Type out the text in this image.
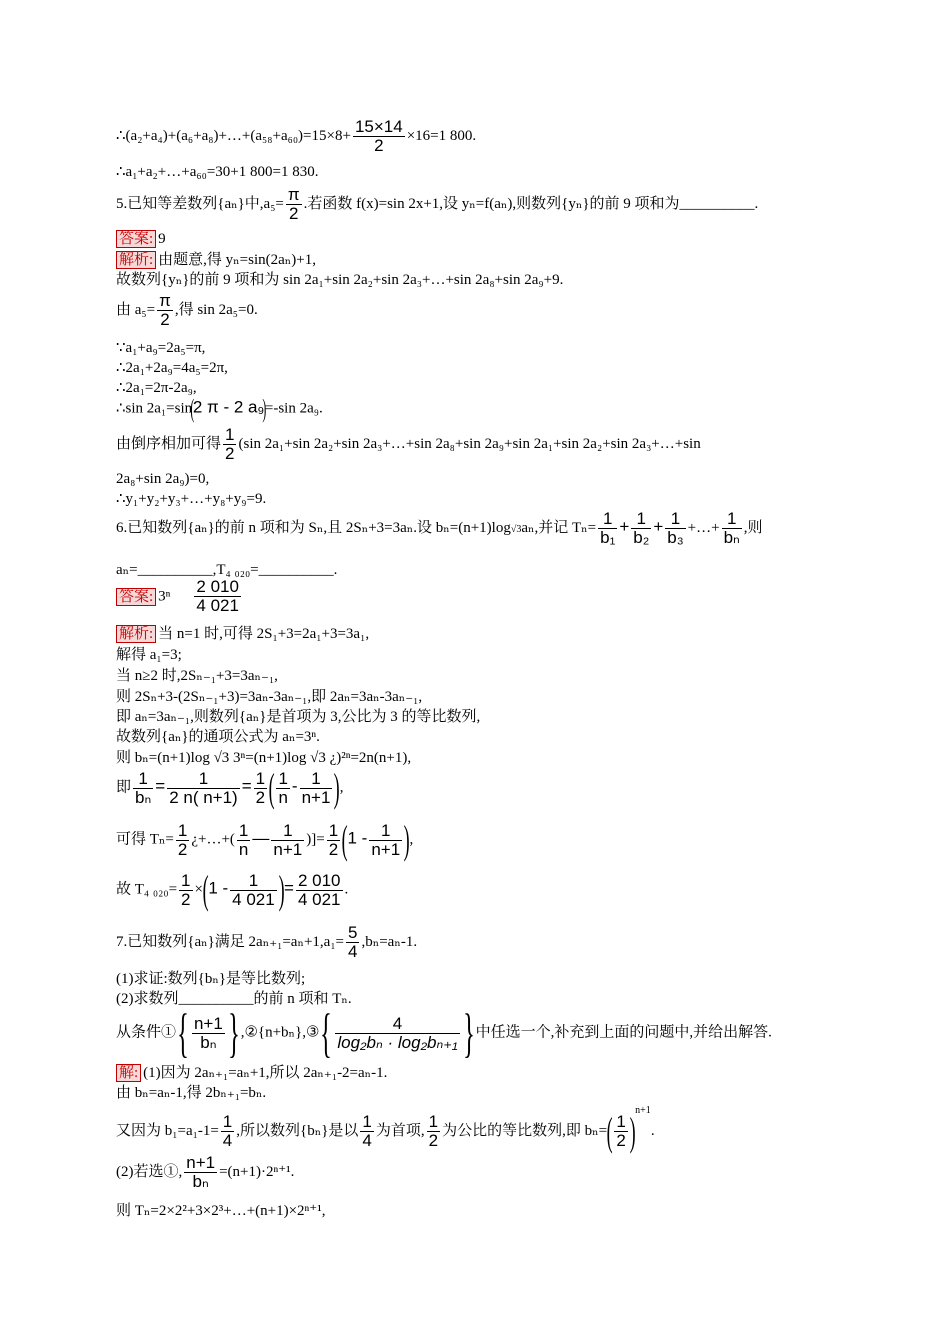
∴(a₂+a₄)+(a₆+a₈)+…+(a₅₈+a₆₀)=15×8+ $\frac{15\times 14}{2} \times 16=1$ 800.
∴a₁+a₂+…+a₆₀=30+1 800=1 830.
5.已知等差数列{aₙ}中$,a_5= \frac{\pi}{2}$ .若函数 f(x)=sin 2x+1,设 yₙ=f(aₙ),则数列{yₙ}的前 9 项和为__________.
答案: 9
解析: 由题意,得 yₙ=sin(2aₙ)+1,
故数列{yₙ}的前 9 项和为 sin 2a₁+sin 2a₂+sin 2a₃+…+sin 2a₈+sin 2a₉+9.
由 $a_5= \frac{\pi}{2}$ ,得 sin 2a₅=0.
∵a₁+a₉=2a₅=π,
∴2a₁+2a₉=4a₅=2π,
∴2a₁=2π-2a₉,
∴sin 2a₁=sin(2 π - 2 a₉)=-sin 2a₉.
由倒序相加可得 $\frac{1}{2} (\sin$ 2a₁+sin 2a₂+sin 2a₃+…+sin 2a₈+sin 2a₉+sin 2a₁+sin 2a₂+sin 2a₃+…+sin
2a₈+sin 2a₉)=0,
∴y₁+y₂+y₃+…+y₈+y₉=9.
6.已知数列{aₙ}的前 n 项和为 Sₙ,且 2Sₙ+3=3aₙ.设 bₙ=(n+1)log√3aₙ,并记 $T_n= \frac{1}{\text{b₁}} + \frac{1}{\text{b₂}} + \frac{1}{\text{b₃}}$ +…+ $\frac{1}{\text{bₙ}}$ ,则
aₙ=__________,T₄ ₀₂₀=__________.
答案: $3^n \frac{2 010}{4 021}$
解析: 当 n=1 时,可得 2S₁+3=2a₁+3=3a₁,
解得 a₁=3;
当 n≥2 时,2Sₙ₋₁+3=3aₙ₋₁,
则 2Sₙ+3-(2Sₙ₋₁+3)=3aₙ-3aₙ₋₁,即 2aₙ=3aₙ-3aₙ₋₁,
即 aₙ=3aₙ₋₁,则数列{aₙ}是首项为 3,公比为 3 的等比数列,
故数列{aₙ}的通项公式为 aₙ=3ⁿ.
则 bₙ=(n+1)log √3 3ⁿ=(n+1)log √3 ¿)²ⁿ=2n(n+1),
即 $\frac{1}{\text{bₙ}} = \frac{1}{2 n( n+1)} = \frac{1}{2}$ ( $\frac{1}{n} - \frac{1}{n+1}$ ),
可得 $T_n= \frac{1}{2}$ ¿+…+( $\frac{1}{n}$ — $\frac{1}{n+1}$ )]= $\frac{1}{2} (1 - \frac{1}{n+1}$ ),
故 T₄ $_{020}= \frac{1}{2} \times(1 - \frac{1}{4 021}$ )= $\frac{2 010}{4 021}$ .
7.已知数列{aₙ}满足 $2a_{n+1}=a_n+1,a_1= \frac{5}{4} ,b_n=a_n-1$.
(1)求证:数列{bₙ}是等比数列;
(2)求数列__________的前 n 项和 Tₙ.
从条件①{ $\frac{n+1}{\text{bₙ}}$ },②{n+bₙ},③{ $\frac{4}{\text{log₂bₙ · log₂bₙ₊₁}}$ }中任选一个,补充到上面的问题中,并给出解答.
解: (1)因为 2aₙ₊₁=aₙ+1,所以 2aₙ₊₁-2=aₙ-1.
由 bₙ=aₙ-1,得 2bₙ₊₁=bₙ.
又因为 $b_1=a_1-1= \frac{1}{4}$ ,所以数列{bₙ}是以 $\frac{1}{4}$ 为首项, $\frac{1}{2}$ 为公比的等比数列,即 $b_n=( \frac{1}{2} )^{n+1}$.
(2)若选①, $\frac{n+1}{\text{bₙ}} =(n+1)\cdot 2^{n+1}$.
则 Tₙ=2×2²+3×2³+…+(n+1)×2ⁿ⁺¹,
